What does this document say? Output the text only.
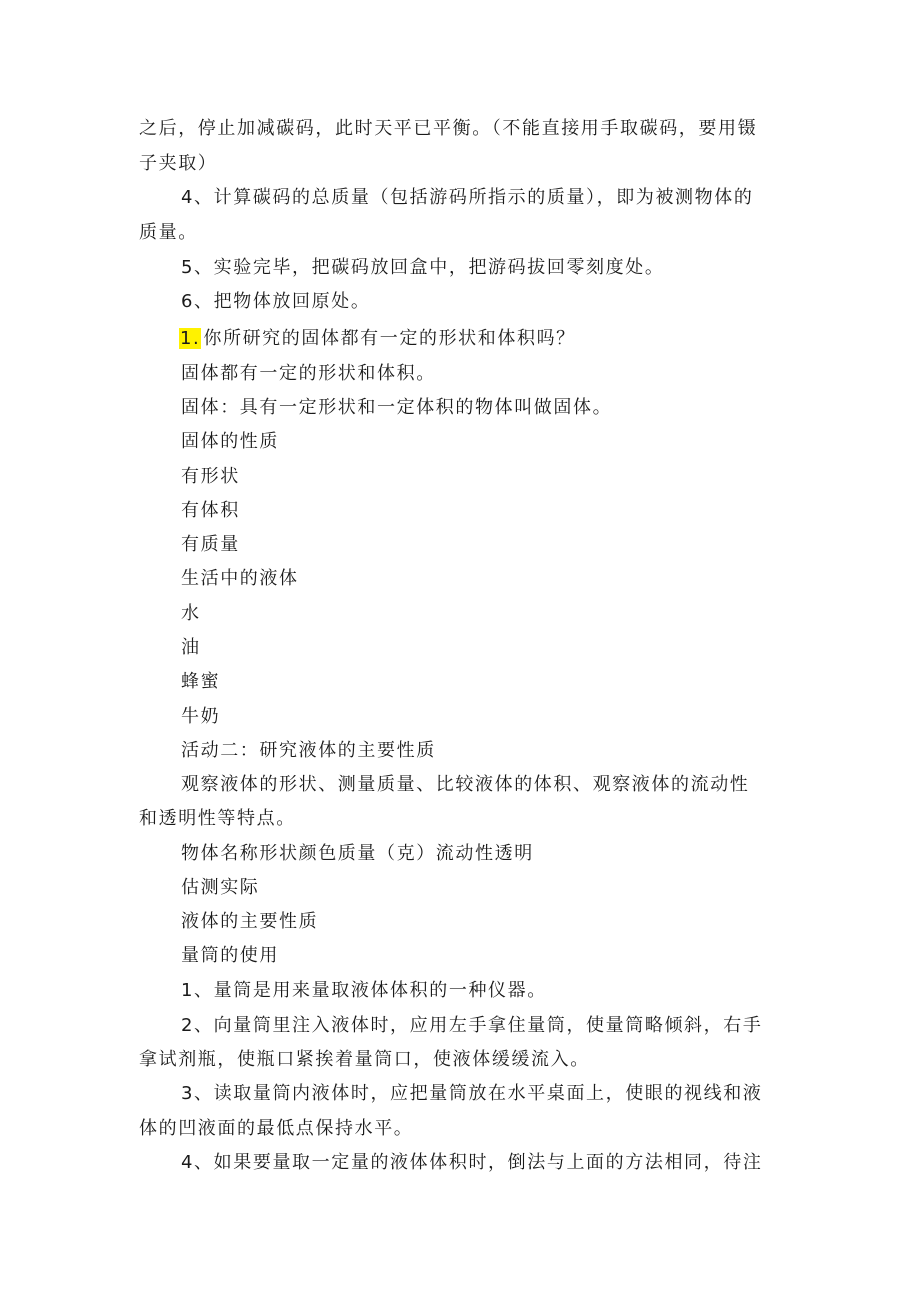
之后，停止加减碳码，此时天平已平衡。（不能直接用手取碳码，要用镊
子夹取）
4、计算碳码的总质量（包括游码所指示的质量），即为被测物体的
质量。
5、实验完毕，把碳码放回盒中，把游码拔回零刻度处。
6、把物体放回原处。
1. 你所研究的固体都有一定的形状和体积吗？
固体都有一定的形状和体积。
固体：具有一定形状和一定体积的物体叫做固体。
固体的性质
有形状
有体积
有质量
生活中的液体
水
油
蜂蜜
牛奶
活动二：研究液体的主要性质
观察液体的形状、测量质量、比较液体的体积、观察液体的流动性
和透明性等特点。
物体名称形状颜色质量（克）流动性透明
估测实际
液体的主要性质
量筒的使用
1、量筒是用来量取液体体积的一种仪器。
2、向量筒里注入液体时，应用左手拿住量筒，使量筒略倾斜，右手
拿试剂瓶，使瓶口紧挨着量筒口，使液体缓缓流入。
3、读取量筒内液体时，应把量筒放在水平桌面上，使眼的视线和液
体的凹液面的最低点保持水平。
4、如果要量取一定量的液体体积时，倒法与上面的方法相同，待注
